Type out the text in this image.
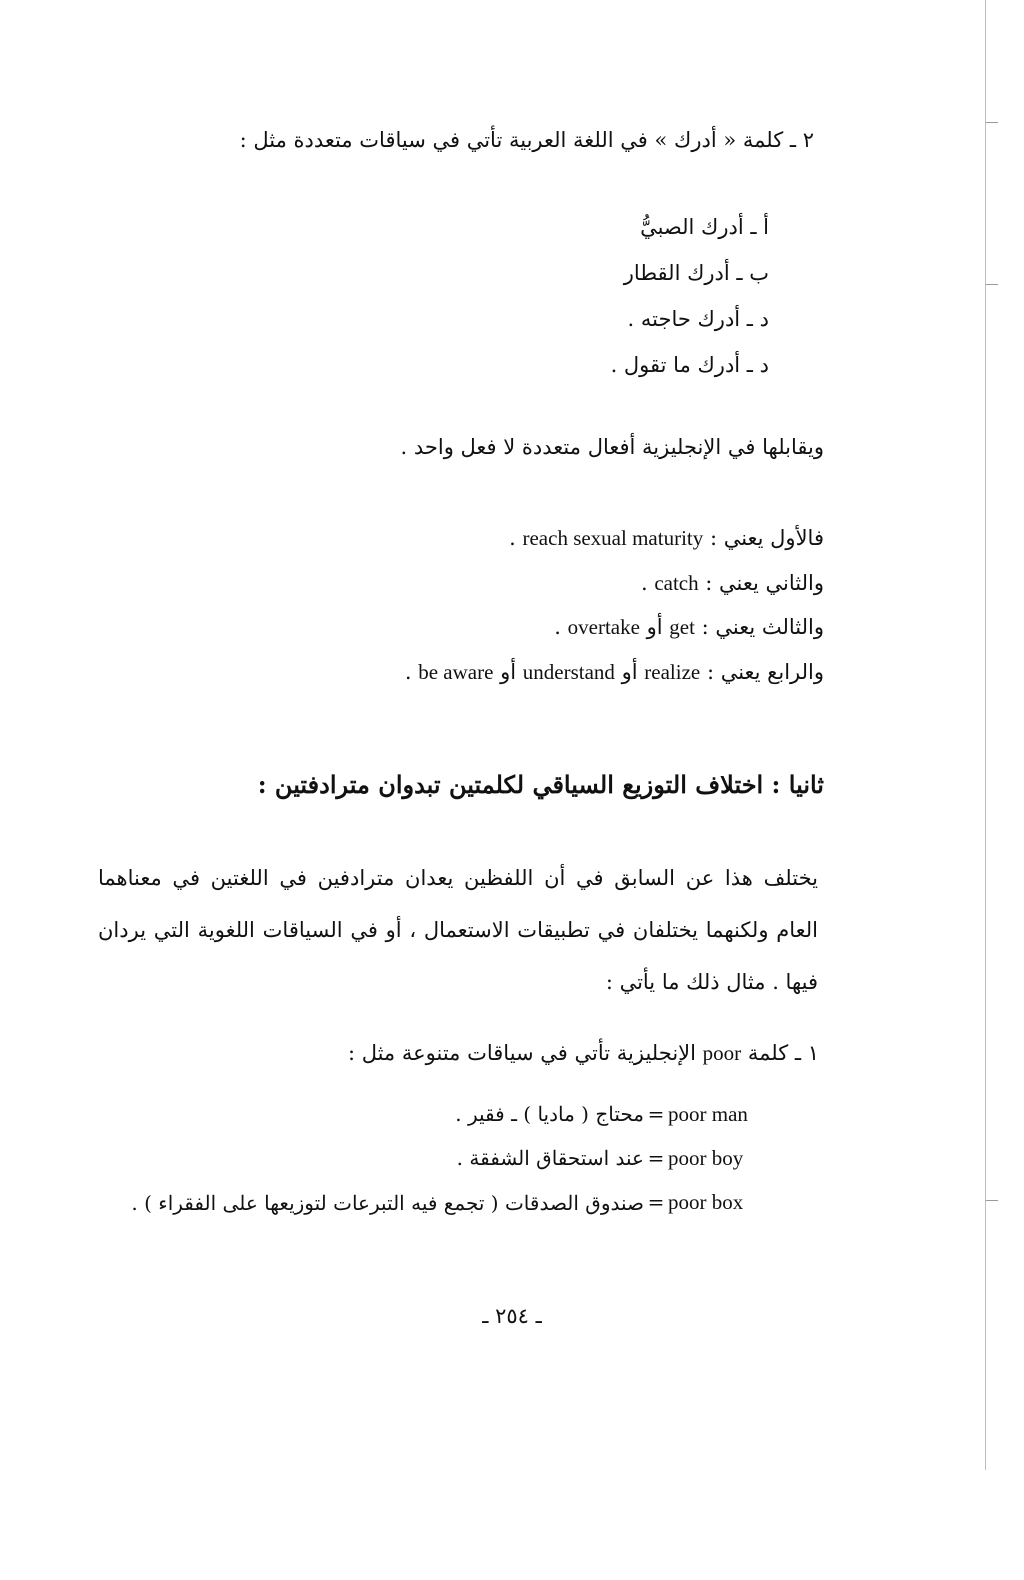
٢ ـ كلمة « أدرك » في اللغة العربية تأتي في سياقات متعددة مثل :
أ ـ أدرك الصبيُّ
ب ـ أدرك القطار
د ـ أدرك حاجته .
د ـ أدرك ما تقول .
ويقابلها في الإنجليزية أفعال متعددة لا فعل واحد .
فالأول يعني : reach sexual maturity .
والثاني يعني : catch .
والثالث يعني : get أو overtake .
والرابع يعني : realize أو understand أو be aware .
ثانيا : اختلاف التوزيع السياقي لكلمتين تبدوان مترادفتين :
يختلف هذا عن السابق في أن اللفظين يعدان مترادفين في اللغتين في معناهما العام ولكنهما يختلفان في تطبيقات الاستعمال ، أو في السياقات اللغوية التي يردان فيها . مثال ذلك ما يأتي :
١ ـ كلمة poor الإنجليزية تأتي في سياقات متنوعة مثل :
محتاج ( ماديا ) ـ فقير . = poor man
عند استحقاق الشفقة . = poor boy
صندوق الصدقات ( تجمع فيه التبرعات لتوزيعها على الفقراء ) . = poor box
ـ ٢٥٤ ـ
